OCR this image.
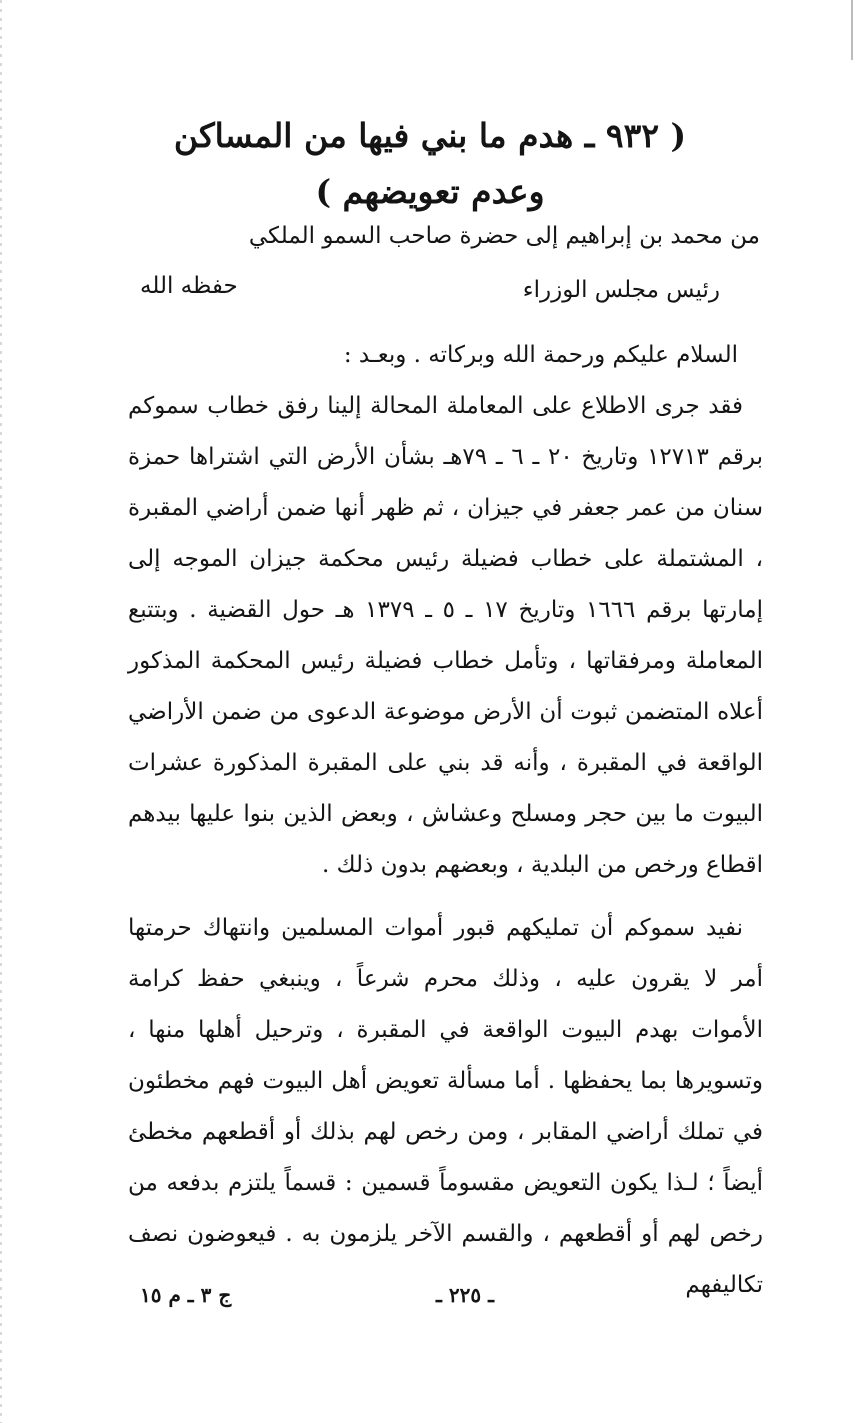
( ٩٣٢ ـ هدم ما بني فيها من المساكن
وعدم تعويضهم )
من محمد بن إبراهيم إلى حضرة صاحب السمو الملكي
رئيس مجلس الوزراء
حفظه الله

السلام عليكم ورحمة الله وبركاته . وبعـد :

فقد جرى الاطلاع على المعاملة المحالة إلينا رفق خطاب سموكم برقم ١٢٧١٣ وتاريخ ٢٠ ـ ٦ ـ ٧٩هـ بشأن الأرض التي اشتراها حمزة سنان من عمر جعفر في جيزان ، ثم ظهر أنها ضمن أراضي المقبرة ، المشتملة على خطاب فضيلة رئيس محكمة جيزان الموجه إلى إمارتها برقم ١٦٦٦ وتاريخ ١٧ ـ ٥ ـ ١٣٧٩ هـ حول القضية . وبتتبع المعاملة ومرفقاتها ، وتأمل خطاب فضيلة رئيس المحكمة المذكور أعلاه المتضمن ثبوت أن الأرض موضوعة الدعوى من ضمن الأراضي الواقعة في المقبرة ، وأنه قد بني على المقبرة المذكورة عشرات البيوت ما بين حجر ومسلح وعشاش ، وبعض الذين بنوا عليها بيدهم اقطاع ورخص من البلدية ، وبعضهم بدون ذلك .

نفيد سموكم أن تمليكهم قبور أموات المسلمين وانتهاك حرمتها أمر لا يقرون عليه ، وذلك محرم شرعاً ، وينبغي حفظ كرامة الأموات بهدم البيوت الواقعة في المقبرة ، وترحيل أهلها منها ، وتسويرها بما يحفظها . أما مسألة تعويض أهل البيوت فهم مخطئون في تملك أراضي المقابر ، ومن رخص لهم بذلك أو أقطعهم مخطئ أيضاً ؛ لـذا يكون التعويض مقسوماً قسمين : قسماً يلتزم بدفعه من رخص لهم أو أقطعهم ، والقسم الآخر يلزمون به . فيعوضون نصف تكاليفهم

ـ ٢٢٥ ـ
ج ٣ ـ م ١٥
